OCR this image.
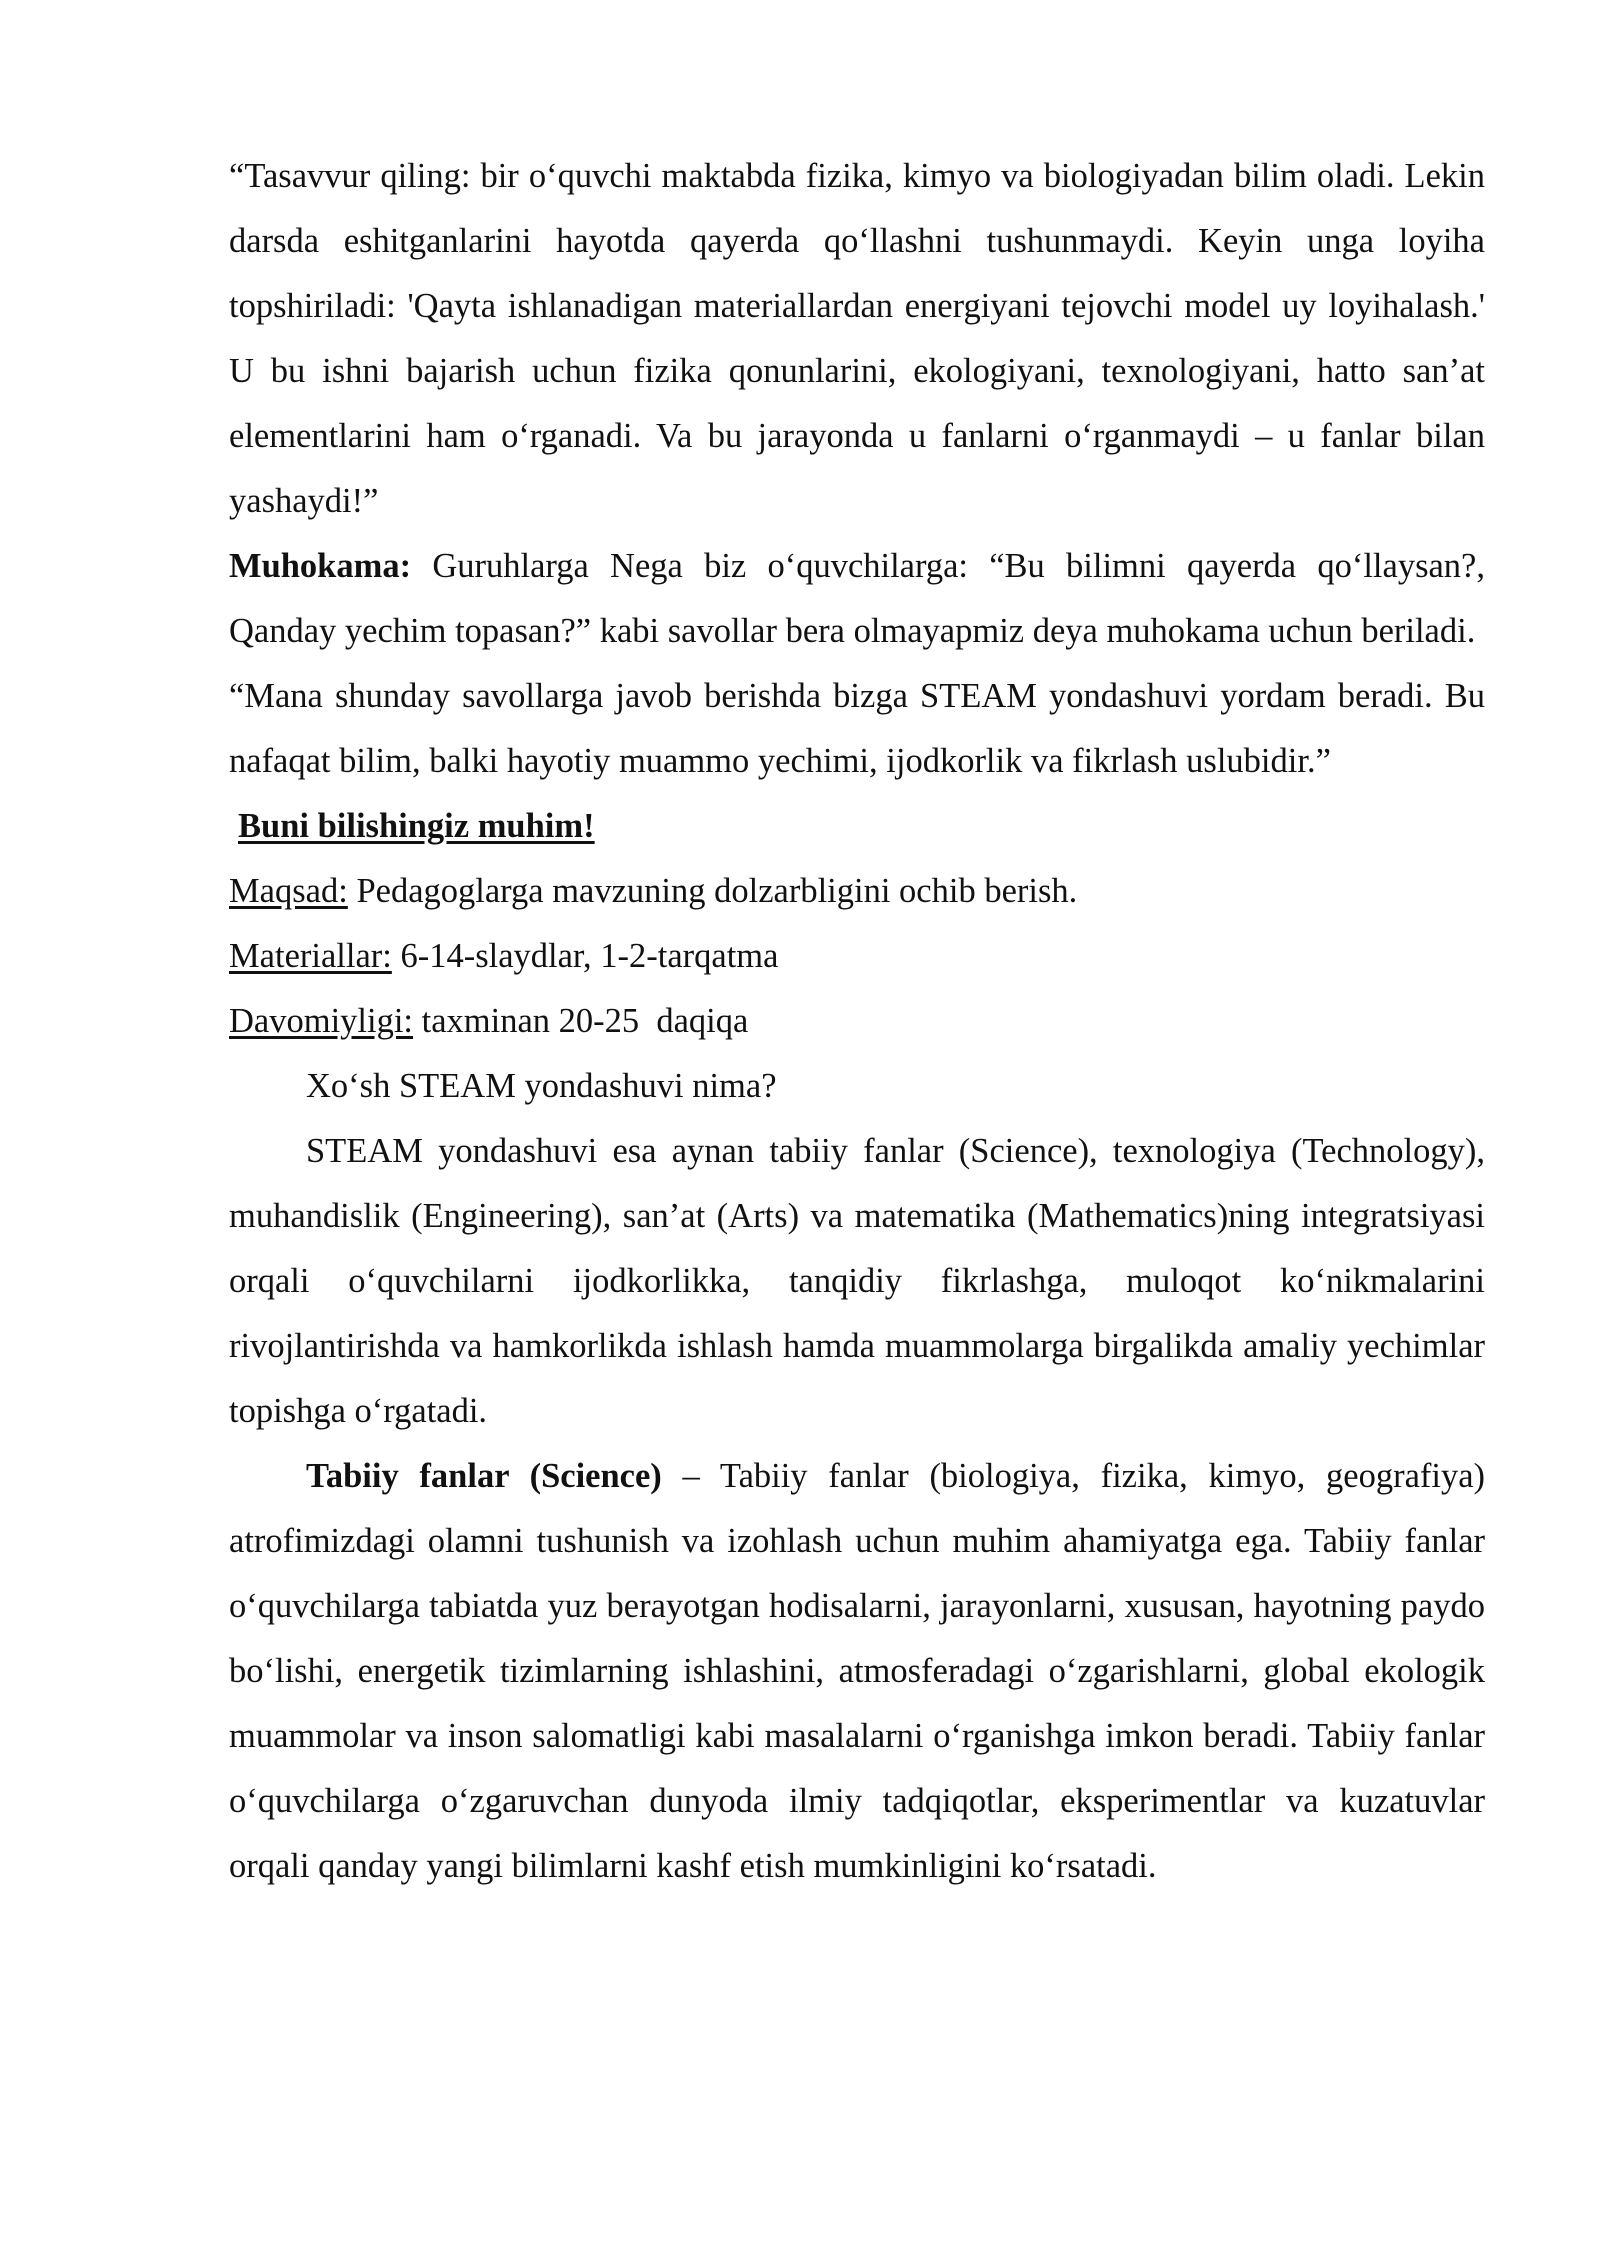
“Tasavvur qiling: bir o‘quvchi maktabda fizika, kimyo va biologiyadan bilim oladi. Lekin darsda eshitganlarini hayotda qayerda qo‘llashni tushunmaydi. Keyin unga loyiha topshiriladi: 'Qayta ishlanadigan materiallardan energiyani tejovchi model uy loyihalash.' U bu ishni bajarish uchun fizika qonunlarini, ekologiyani, texnologiyani, hatto san’at elementlarini ham o‘rganadi. Va bu jarayonda u fanlarni o‘rganmaydi – u fanlar bilan yashaydi!”

Muhokama: Guruhlarga Nega biz o‘quvchilarga: “Bu bilimni qayerda qo‘llaysan?, Qanday yechim topasan?” kabi savollar bera olmayapmiz deya muhokama uchun beriladi.

“Mana shunday savollarga javob berishda bizga STEAM yondashuvi yordam beradi. Bu nafaqat bilim, balki hayotiy muammo yechimi, ijodkorlik va fikrlash uslubidir.”

Buni bilishingiz muhim!

Maqsad: Pedagoglarga mavzuning dolzarbligini ochib berish.

Materiallar: 6-14-slaydlar, 1-2-tarqatma

Davomiyligi: taxminan 20-25  daqiqa

Xo‘sh STEAM yondashuvi nima?

STEAM yondashuvi esa aynan tabiiy fanlar (Science), texnologiya (Technology), muhandislik (Engineering), san’at (Arts) va matematika (Mathematics)ning integratsiyasi orqali o‘quvchilarni ijodkorlikka, tanqidiy fikrlashga, muloqot ko‘nikmalarini rivojlantirishda va hamkorlikda ishlash hamda muammolarga birgalikda amaliy yechimlar topishga o‘rgatadi.

Tabiiy fanlar (Science) – Tabiiy fanlar (biologiya, fizika, kimyo, geografiya) atrofimizdagi olamni tushunish va izohlash uchun muhim ahamiyatga ega. Tabiiy fanlar o‘quvchilarga tabiatda yuz berayotgan hodisalarni, jarayonlarni, xususan, hayotning paydo bo‘lishi, energetik tizimlarning ishlashini, atmosferadagi o‘zgarishlarni, global ekologik muammolar va inson salomatligi kabi masalalarni o‘rganishga imkon beradi. Tabiiy fanlar o‘quvchilarga o‘zgaruvchan dunyoda ilmiy tadqiqotlar, eksperimentlar va kuzatuvlar orqali qanday yangi bilimlarni kashf etish mumkinligini ko‘rsatadi.
